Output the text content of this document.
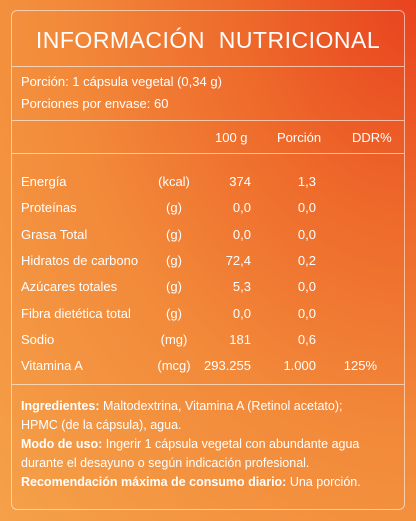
INFORMACIÓN  NUTRICIONAL
Porción: 1 cápsula vegetal (0,34 g)
Porciones por envase: 60
100 g Porción DDR%
Energía	(kcal)	374	1,3
Proteínas	(g)	0,0	0,0
Grasa Total	(g)	0,0	0,0
Hidratos de carbono	(g)	72,4	0,2
Azúcares totales	(g)	5,3	0,0
Fibra dietética total	(g)	0,0	0,0
Sodio	(mg)	181	0,6
Vitamina A	(mcg)	293.255	1.000	125%
Ingredientes: Maltodextrina, Vitamina A (Retinol acetato);
HPMC (de la cápsula), agua.
Modo de uso: Ingerir 1 cápsula vegetal con abundante agua
durante el desayuno o según indicación profesional.
Recomendación máxima de consumo diario: Una porción.
